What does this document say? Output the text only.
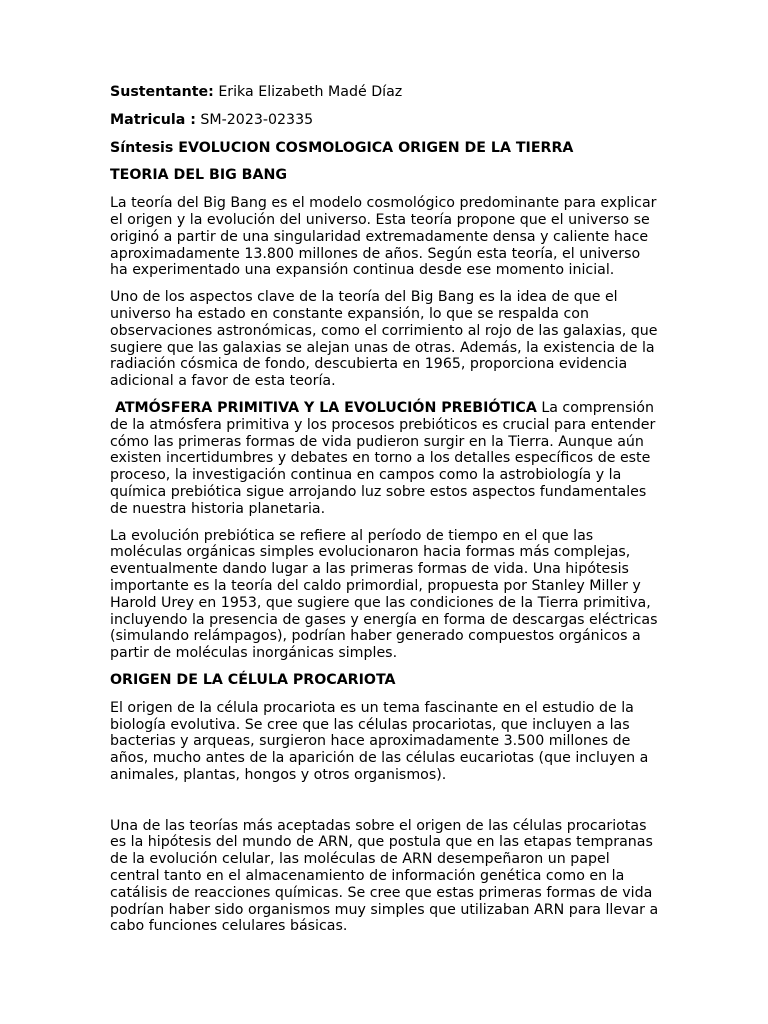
Sustentante: Erika Elizabeth Madé Díaz
Matricula : SM-2023-02335
Síntesis EVOLUCION COSMOLOGICA ORIGEN DE LA TIERRA
TEORIA DEL BIG BANG

La teoría del Big Bang es el modelo cosmológico predominante para explicar el origen y la evolución del universo. Esta teoría propone que el universo se originó a partir de una singularidad extremadamente densa y caliente hace aproximadamente 13.800 millones de años. Según esta teoría, el universo ha experimentado una expansión continua desde ese momento inicial.

Uno de los aspectos clave de la teoría del Big Bang es la idea de que el universo ha estado en constante expansión, lo que se respalda con observaciones astronómicas, como el corrimiento al rojo de las galaxias, que sugiere que las galaxias se alejan unas de otras. Además, la existencia de la radiación cósmica de fondo, descubierta en 1965, proporciona evidencia adicional a favor de esta teoría.

ATMÓSFERA PRIMITIVA Y LA EVOLUCIÓN PREBIÓTICA La comprensión de la atmósfera primitiva y los procesos prebióticos es crucial para entender cómo las primeras formas de vida pudieron surgir en la Tierra. Aunque aún existen incertidumbres y debates en torno a los detalles específicos de este proceso, la investigación continua en campos como la astrobiología y la química prebiótica sigue arrojando luz sobre estos aspectos fundamentales de nuestra historia planetaria.

La evolución prebiótica se refiere al período de tiempo en el que las moléculas orgánicas simples evolucionaron hacia formas más complejas, eventualmente dando lugar a las primeras formas de vida. Una hipótesis importante es la teoría del caldo primordial, propuesta por Stanley Miller y Harold Urey en 1953, que sugiere que las condiciones de la Tierra primitiva, incluyendo la presencia de gases y energía en forma de descargas eléctricas (simulando relámpagos), podrían haber generado compuestos orgánicos a partir de moléculas inorgánicas simples.

ORIGEN DE LA CÉLULA PROCARIOTA

El origen de la célula procariota es un tema fascinante en el estudio de la biología evolutiva. Se cree que las células procariotas, que incluyen a las bacterias y arqueas, surgieron hace aproximadamente 3.500 millones de años, mucho antes de la aparición de las células eucariotas (que incluyen a animales, plantas, hongos y otros organismos).

Una de las teorías más aceptadas sobre el origen de las células procariotas es la hipótesis del mundo de ARN, que postula que en las etapas tempranas de la evolución celular, las moléculas de ARN desempeñaron un papel central tanto en el almacenamiento de información genética como en la catálisis de reacciones químicas. Se cree que estas primeras formas de vida podrían haber sido organismos muy simples que utilizaban ARN para llevar a cabo funciones celulares básicas.
